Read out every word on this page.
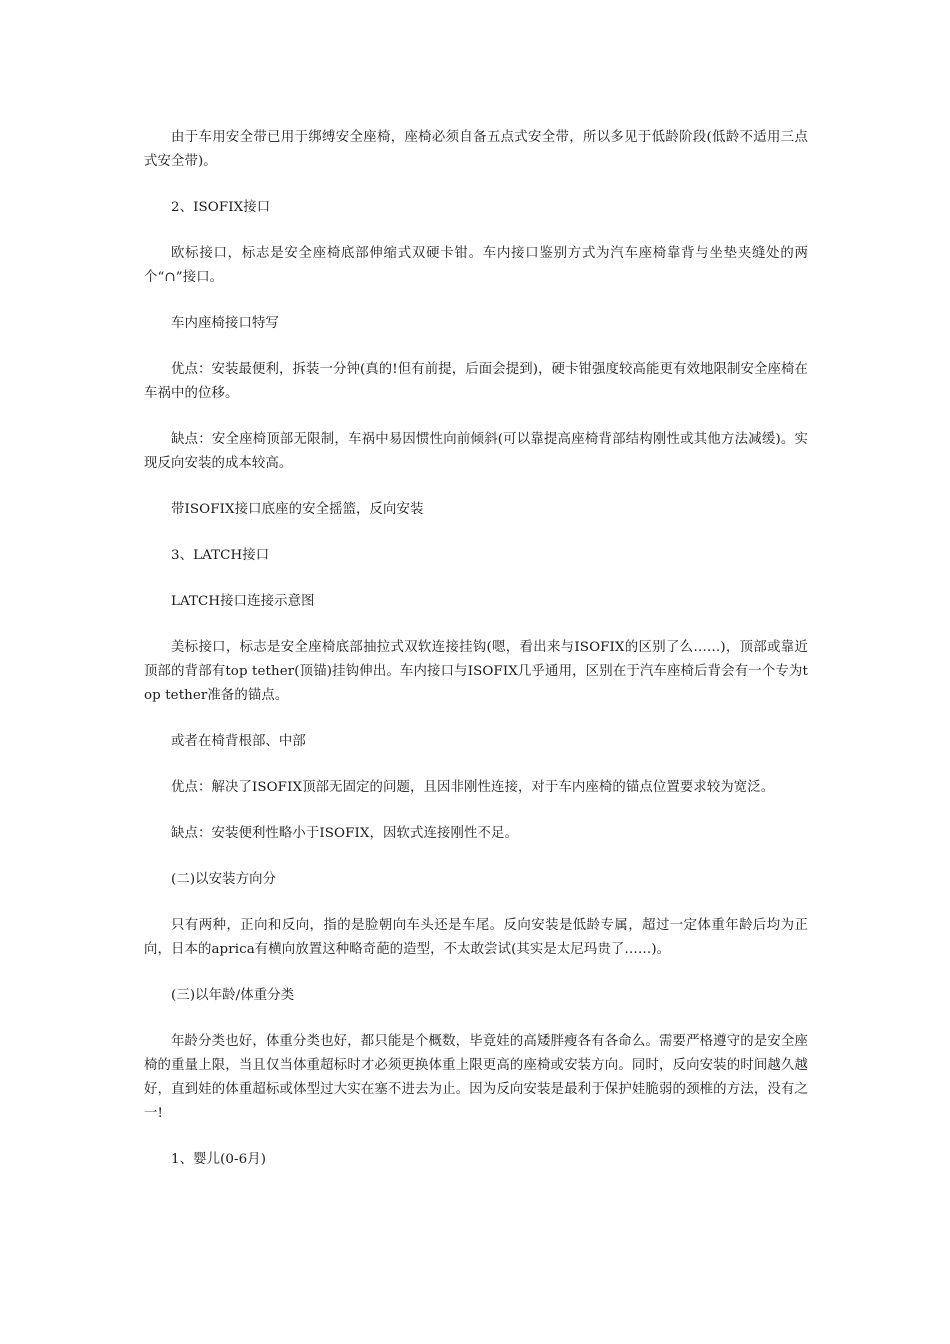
由于车用安全带已用于绑缚安全座椅，座椅必须自备五点式安全带，所以多见于低龄阶段(低龄不适用三点式安全带)。

2、ISOFIX接口

欧标接口，标志是安全座椅底部伸缩式双硬卡钳。车内接口鉴别方式为汽车座椅靠背与坐垫夹缝处的两个“∩”接口。

车内座椅接口特写

优点：安装最便利，拆装一分钟(真的!但有前提，后面会提到)，硬卡钳强度较高能更有效地限制安全座椅在车祸中的位移。

缺点：安全座椅顶部无限制，车祸中易因惯性向前倾斜(可以靠提高座椅背部结构刚性或其他方法减缓)。实现反向安装的成本较高。

带ISOFIX接口底座的安全摇篮，反向安装

3、LATCH接口

LATCH接口连接示意图

美标接口，标志是安全座椅底部抽拉式双软连接挂钩(嗯，看出来与ISOFIX的区别了么……)，顶部或靠近顶部的背部有top tether(顶锚)挂钩伸出。车内接口与ISOFIX几乎通用，区别在于汽车座椅后背会有一个专为top tether准备的锚点。

或者在椅背根部、中部

优点：解决了ISOFIX顶部无固定的问题，且因非刚性连接，对于车内座椅的锚点位置要求较为宽泛。

缺点：安装便利性略小于ISOFIX，因软式连接刚性不足。

(二)以安装方向分

只有两种，正向和反向，指的是脸朝向车头还是车尾。反向安装是低龄专属，超过一定体重年龄后均为正向，日本的aprica有横向放置这种略奇葩的造型，不太敢尝试(其实是太尼玛贵了……)。

(三)以年龄/体重分类

年龄分类也好，体重分类也好，都只能是个概数，毕竟娃的高矮胖瘦各有各命么。需要严格遵守的是安全座椅的重量上限，当且仅当体重超标时才必须更换体重上限更高的座椅或安装方向。同时，反向安装的时间越久越好，直到娃的体重超标或体型过大实在塞不进去为止。因为反向安装是最利于保护娃脆弱的颈椎的方法，没有之一!

1、婴儿(0-6月)
